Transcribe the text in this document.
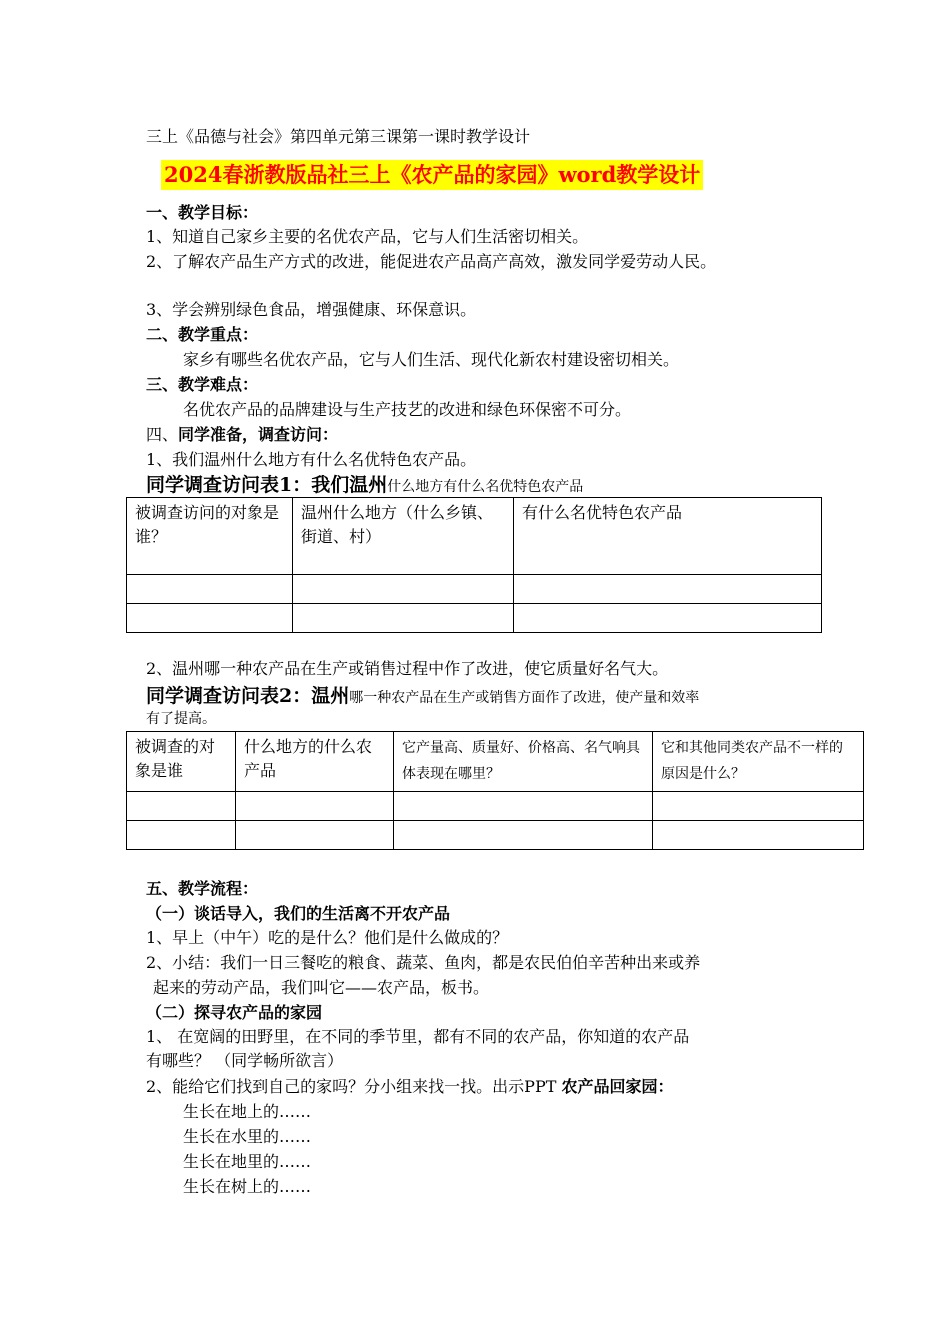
三上《品德与社会》第四单元第三课第一课时教学设计
2024春浙教版品社三上《农产品的家园》word教学设计
一、教学目标：
1、知道自己家乡主要的名优农产品，它与人们生活密切相关。
2、了解农产品生产方式的改进，能促进农产品高产高效，激发同学爱劳动人民。
3、学会辨别绿色食品，增强健康、环保意识。
二、教学重点：
家乡有哪些名优农产品，它与人们生活、现代化新农村建设密切相关。
三、教学难点：
名优农产品的品牌建设与生产技艺的改进和绿色环保密不可分。
四、同学准备，调查访问：
1、我们温州什么地方有什么名优特色农产品。
同学调查访问表1：我们温州什么地方有什么名优特色农产品
被调查访问的对象是谁？	温州什么地方（什么乡镇、街道、村）	有什么名优特色农产品

2、温州哪一种农产品在生产或销售过程中作了改进，使它质量好名气大。
同学调查访问表2：温州哪一种农产品在生产或销售方面作了改进，使产量和效率
有了提高。
被调查的对象是谁	什么地方的什么农产品	它产量高、质量好、价格高、名气响具体表现在哪里？	它和其他同类农产品不一样的原因是什么？

五、教学流程：
（一）谈话导入，我们的生活离不开农产品
1、早上（中午）吃的是什么？他们是什么做成的？
2、小结：我们一日三餐吃的粮食、蔬菜、鱼肉，都是农民伯伯辛苦种出来或养
起来的劳动产品，我们叫它——农产品，板书。
（二）探寻农产品的家园
1、 在宽阔的田野里，在不同的季节里，都有不同的农产品，你知道的农产品
有哪些？ （同学畅所欲言）
2、能给它们找到自己的家吗？分小组来找一找。出示PPT 农产品回家园：
生长在地上的……
生长在水里的……
生长在地里的……
生长在树上的……
